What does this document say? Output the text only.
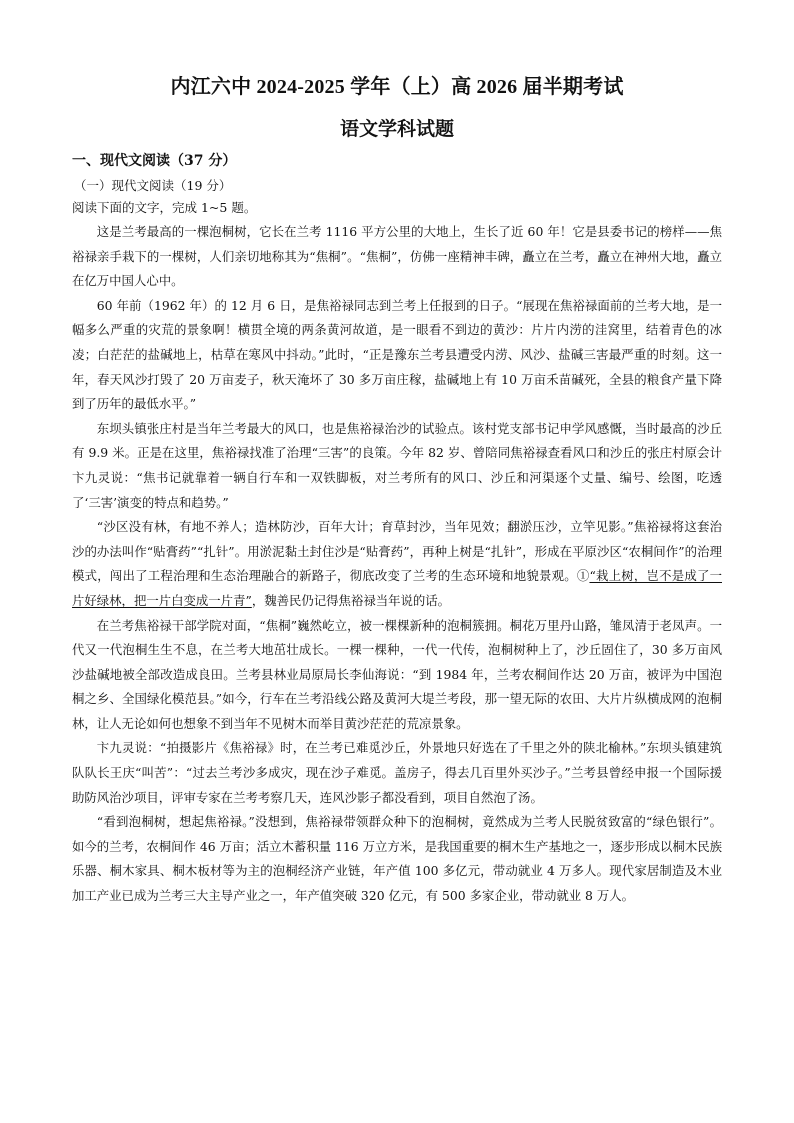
内江六中 2024-2025 学年（上）高 2026 届半期考试
语文学科试题
一、现代文阅读（37 分）
（一）现代文阅读（19 分）
阅读下面的文字，完成 1~5 题。

这是兰考最高的一棵泡桐树，它长在兰考 1116 平方公里的大地上，生长了近 60 年！它是县委书记的榜样——焦裕禄亲手栽下的一棵树，人们亲切地称其为“焦桐”。“焦桐”，仿佛一座精神丰碑，矗立在兰考，矗立在神州大地，矗立在亿万中国人心中。

60 年前（1962 年）的 12 月 6 日，是焦裕禄同志到兰考上任报到的日子。“展现在焦裕禄面前的兰考大地，是一幅多么严重的灾荒的景象啊！横贯全境的两条黄河故道，是一眼看不到边的黄沙：片片内涝的洼窝里，结着青色的冰凌；白茫茫的盐碱地上，枯草在寒风中抖动。”此时，“正是豫东兰考县遭受内涝、风沙、盐碱三害最严重的时刻。这一年，春天风沙打毁了 20 万亩麦子，秋天淹坏了 30 多万亩庄稼，盐碱地上有 10 万亩禾苗碱死，全县的粮食产量下降到了历年的最低水平。”

东坝头镇张庄村是当年兰考最大的风口，也是焦裕禄治沙的试验点。该村党支部书记申学风感慨，当时最高的沙丘有 9.9 米。正是在这里，焦裕禄找准了治理“三害”的良策。今年 82 岁、曾陪同焦裕禄查看风口和沙丘的张庄村原会计卞九灵说：“焦书记就靠着一辆自行车和一双铁脚板，对兰考所有的风口、沙丘和河渠逐个丈量、编号、绘图，吃透了‘三害’演变的特点和趋势。”

“沙区没有林，有地不养人；造林防沙，百年大计；育草封沙，当年见效；翻淤压沙，立竿见影。”焦裕禄将这套治沙的办法叫作“贴膏药”“扎针”。用淤泥黏土封住沙是“贴膏药”，再种上树是“扎针”，形成在平原沙区“农桐间作”的治理模式，闯出了工程治理和生态治理融合的新路子，彻底改变了兰考的生态环境和地貌景观。①“栽上树，岂不是成了一片好绿林，把一片白变成一片青”，魏善民仍记得焦裕禄当年说的话。

在兰考焦裕禄干部学院对面，“焦桐”巍然屹立，被一棵棵新种的泡桐簇拥。桐花万里丹山路，雏凤清于老凤声。一代又一代泡桐生生不息，在兰考大地茁壮成长。一棵一棵种，一代一代传，泡桐树种上了，沙丘固住了，30 多万亩风沙盐碱地被全部改造成良田。兰考县林业局原局长李仙海说：“到 1984 年，兰考农桐间作达 20 万亩，被评为中国泡桐之乡、全国绿化模范县。”如今，行车在兰考沿线公路及黄河大堤兰考段，那一望无际的农田、大片片纵横成网的泡桐林，让人无论如何也想象不到当年不见树木而举目黄沙茫茫的荒凉景象。

卞九灵说：“拍摄影片《焦裕禄》时，在兰考已难觅沙丘，外景地只好选在了千里之外的陕北榆林。”东坝头镇建筑队队长王庆“叫苦”：“过去兰考沙多成灾，现在沙子难觅。盖房子，得去几百里外买沙子。”兰考县曾经申报一个国际援助防风治沙项目，评审专家在兰考考察几天，连风沙影子都没看到，项目自然泡了汤。

“看到泡桐树，想起焦裕禄。”没想到，焦裕禄带领群众种下的泡桐树，竟然成为兰考人民脱贫致富的“绿色银行”。如今的兰考，农桐间作 46 万亩；活立木蓄积量 116 万立方米，是我国重要的桐木生产基地之一，逐步形成以桐木民族乐器、桐木家具、桐木板材等为主的泡桐经济产业链，年产值 100 多亿元，带动就业 4 万多人。现代家居制造及木业加工产业已成为兰考三大主导产业之一，年产值突破 320 亿元，有 500 多家企业，带动就业 8 万人。
